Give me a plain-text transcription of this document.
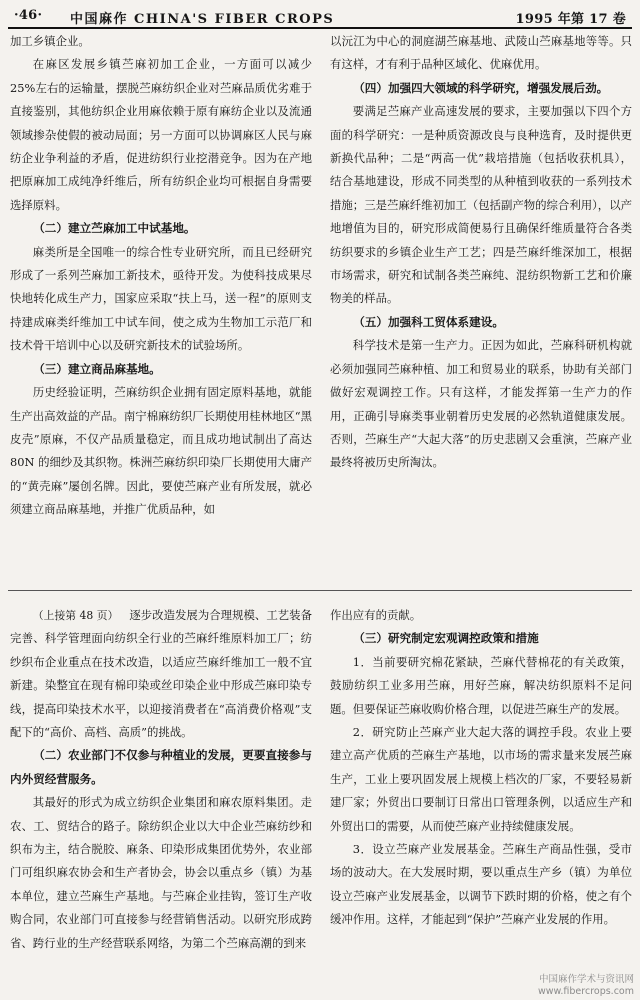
·46· 中国麻作 CHINA'S FIBER CROPS	1995 年第 17 卷

加工乡镇企业。

在麻区发展乡镇苎麻初加工企业，一方面可以减少 25%左右的运输量，摆脱苎麻纺织企业对苎麻品质优劣难于直接鉴别，其他纺织企业用麻依赖于原有麻纺企业以及流通领域掺杂使假的被动局面；另一方面可以协调麻区人民与麻纺企业争利益的矛盾，促进纺织行业挖潜竞争。因为在产地把原麻加工成纯净纤维后，所有纺织企业均可根据自身需要选择原料。

（二）建立苎麻加工中试基地。

麻类所是全国唯一的综合性专业研究所，而且已经研究形成了一系列苎麻加工新技术，亟待开发。为使科技成果尽快地转化成生产力，国家应采取“扶上马，送一程”的原则支持建成麻类纤维加工中试车间，使之成为生物加工示范厂和技术骨干培训中心以及研究新技术的试验场所。

（三）建立商品麻基地。

历史经验证明，苎麻纺织企业拥有固定原料基地，就能生产出高效益的产品。南宁棉麻纺织厂长期使用桂林地区“黑皮壳”原麻，不仅产品质量稳定，而且成功地试制出了高达 80N 的细纱及其织物。株洲苎麻纺织印染厂长期使用大庸产的“黄壳麻”屡创名牌。因此，要使苎麻产业有所发展，就必须建立商品麻基地，并推广优质品种，如

以沅江为中心的洞庭湖苎麻基地、武陵山苎麻基地等等。只有这样，才有利于品种区域化、优麻优用。

（四）加强四大领域的科学研究，增强发展后劲。

要满足苎麻产业高速发展的要求，主要加强以下四个方面的科学研究：一是种质资源改良与良种选育，及时提供更新换代品种；二是“两高一优”栽培措施（包括收获机具），结合基地建设，形成不同类型的从种植到收获的一系列技术措施；三是苎麻纤维初加工（包括副产物的综合利用），以产地增值为目的，研究形成简便易行且确保纤维质量符合各类纺织要求的乡镇企业生产工艺；四是苎麻纤维深加工，根据市场需求，研究和试制各类苎麻纯、混纺织物新工艺和价廉物美的样品。

（五）加强科工贸体系建设。

科学技术是第一生产力。正因为如此，苎麻科研机构就必须加强同苎麻种植、加工和贸易业的联系，协助有关部门做好宏观调控工作。只有这样，才能发挥第一生产力的作用，正确引导麻类事业朝着历史发展的必然轨道健康发展。否则，苎麻生产“大起大落”的历史悲剧又会重演，苎麻产业最终将被历史所淘汰。

（上接第 48 页） 逐步改造发展为合理规模、工艺装备完善、科学管理面向纺织全行业的苎麻纤维原料加工厂；纺纱织布企业重点在技术改造，以适应苎麻纤维加工一般不宜新建。染整宜在现有棉印染或丝印染企业中形成苎麻印染专线，提高印染技术水平，以迎接消费者在“高消费价格观”支配下的“高价、高档、高质”的挑战。

（二）农业部门不仅参与种植业的发展，更要直接参与内外贸经营服务。

其最好的形式为成立纺织企业集团和麻农原料集团。走农、工、贸结合的路子。除纺织企业以大中企业苎麻纺纱和织布为主，结合脱胶、麻条、印染形成集团优势外，农业部门可组织麻农协会和生产者协会，协会以重点乡（镇）为基本单位，建立苎麻生产基地。与苎麻企业挂钩，签订生产收购合同，农业部门可直接参与经营销售活动。以研究形成跨省、跨行业的生产经营联系网络，为第二个苎麻高潮的到来

作出应有的贡献。

（三）研究制定宏观调控政策和措施

1．当前要研究棉花紧缺，苎麻代替棉花的有关政策，鼓励纺织工业多用苎麻，用好苎麻，解决纺织原料不足问题。但要保证苎麻收购价格合理，以促进苎麻生产的发展。

2．研究防止苎麻产业大起大落的调控手段。农业上要建立高产优质的苎麻生产基地，以市场的需求量来发展苎麻生产，工业上要巩固发展上规模上档次的厂家，不要轻易新建厂家；外贸出口要制订日常出口管理条例，以适应生产和外贸出口的需要，从而使苎麻产业持续健康发展。

3．设立苎麻产业发展基金。苎麻生产商品性强，受市场的波动大。在大发展时期，要以重点生产乡（镇）为单位设立苎麻产业发展基金，以调节下跌时期的价格，使之有个缓冲作用。这样，才能起到“保护”苎麻产业发展的作用。

中国麻作学术与资讯网
www.fibercrops.com
